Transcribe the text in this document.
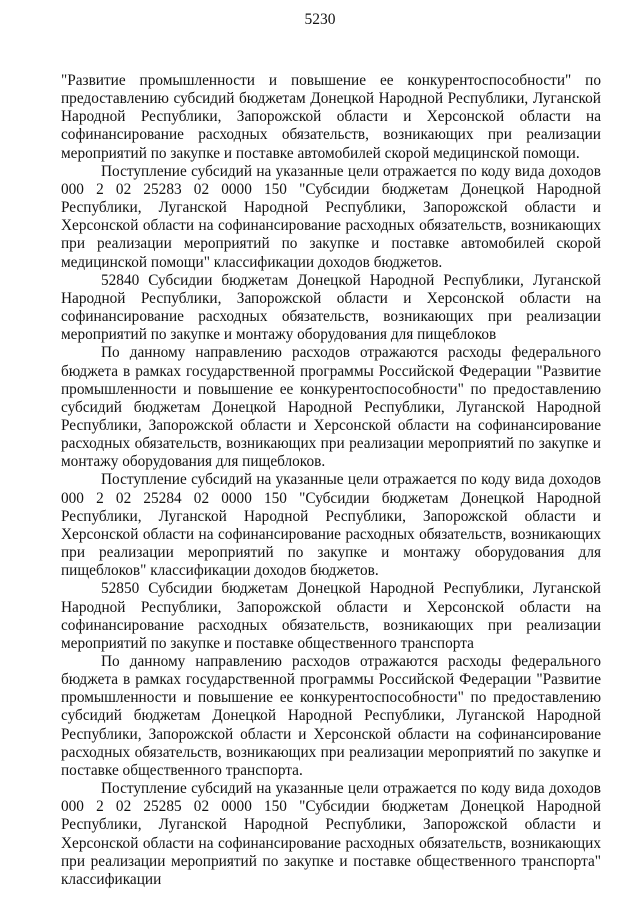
5230

"Развитие промышленности и повышение ее конкурентоспособности" по предоставлению субсидий бюджетам Донецкой Народной Республики, Луганской Народной Республики, Запорожской области и Херсонской области на софинансирование расходных обязательств, возникающих при реализации мероприятий по закупке и поставке автомобилей скорой медицинской помощи.

Поступление субсидий на указанные цели отражается по коду вида доходов 000 2 02 25283 02 0000 150 "Субсидии бюджетам Донецкой Народной Республики, Луганской Народной Республики, Запорожской области и Херсонской области на софинансирование расходных обязательств, возникающих при реализации мероприятий по закупке и поставке автомобилей скорой медицинской помощи" классификации доходов бюджетов.

52840 Субсидии бюджетам Донецкой Народной Республики, Луганской Народной Республики, Запорожской области и Херсонской области на софинансирование расходных обязательств, возникающих при реализации мероприятий по закупке и монтажу оборудования для пищеблоков

По данному направлению расходов отражаются расходы федерального бюджета в рамках государственной программы Российской Федерации "Развитие промышленности и повышение ее конкурентоспособности" по предоставлению субсидий бюджетам Донецкой Народной Республики, Луганской Народной Республики, Запорожской области и Херсонской области на софинансирование расходных обязательств, возникающих при реализации мероприятий по закупке и монтажу оборудования для пищеблоков.

Поступление субсидий на указанные цели отражается по коду вида доходов 000 2 02 25284 02 0000 150 "Субсидии бюджетам Донецкой Народной Республики, Луганской Народной Республики, Запорожской области и Херсонской области на софинансирование расходных обязательств, возникающих при реализации мероприятий по закупке и монтажу оборудования для пищеблоков" классификации доходов бюджетов.

52850 Субсидии бюджетам Донецкой Народной Республики, Луганской Народной Республики, Запорожской области и Херсонской области на софинансирование расходных обязательств, возникающих при реализации мероприятий по закупке и поставке общественного транспорта

По данному направлению расходов отражаются расходы федерального бюджета в рамках государственной программы Российской Федерации "Развитие промышленности и повышение ее конкурентоспособности" по предоставлению субсидий бюджетам Донецкой Народной Республики, Луганской Народной Республики, Запорожской области и Херсонской области на софинансирование расходных обязательств, возникающих при реализации мероприятий по закупке и поставке общественного транспорта.

Поступление субсидий на указанные цели отражается по коду вида доходов 000 2 02 25285 02 0000 150 "Субсидии бюджетам Донецкой Народной Республики, Луганской Народной Республики, Запорожской области и Херсонской области на софинансирование расходных обязательств, возникающих при реализации мероприятий по закупке и поставке общественного транспорта" классификации
